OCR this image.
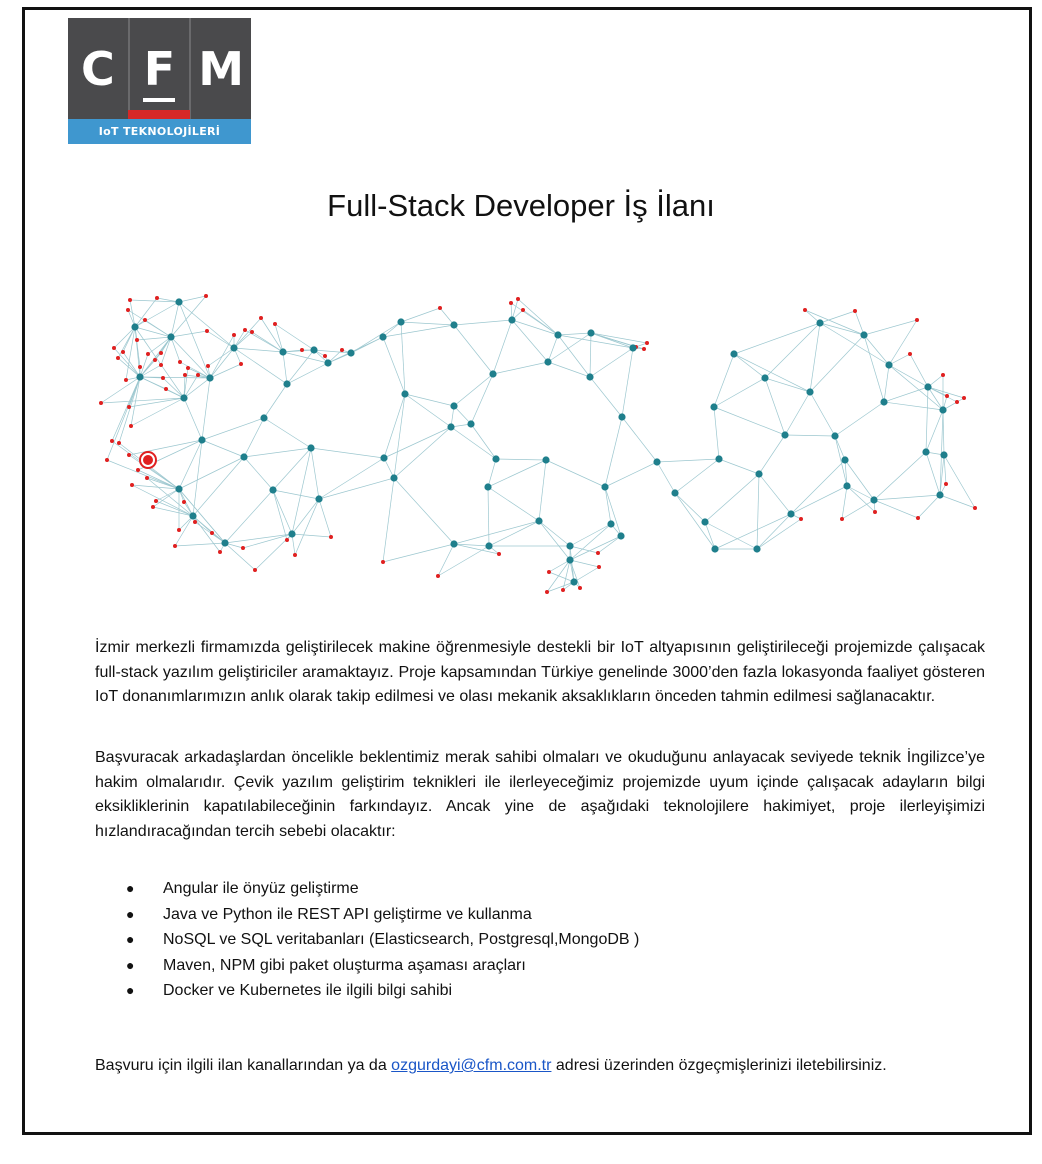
C F M
IoT TEKNOLOJİLERİ
Full-Stack Developer İş İlanı

İzmir merkezli firmamızda geliştirilecek makine öğrenmesiyle destekli bir IoT altyapısının geliştirileceği projemizde çalışacak full-stack yazılım geliştiriciler aramaktayız. Proje kapsamından Türkiye genelinde 3000’den fazla lokasyonda faaliyet gösteren IoT donanımlarımızın anlık olarak takip edilmesi ve olası mekanik aksaklıkların önceden tahmin edilmesi sağlanacaktır.

Başvuracak arkadaşlardan öncelikle beklentimiz merak sahibi olmaları ve okuduğunu anlayacak seviyede teknik İngilizce’ye hakim olmalarıdır. Çevik yazılım geliştirim teknikleri ile ilerleyeceğimiz projemizde uyum içinde çalışacak adayların bilgi eksikliklerinin kapatılabileceğinin farkındayız. Ancak yine de aşağıdaki teknolojilere hakimiyet, proje ilerleyişimizi hızlandıracağından tercih sebebi olacaktır:

● Angular ile önyüz geliştirme
● Java ve Python ile REST API geliştirme ve kullanma
● NoSQL ve SQL veritabanları (Elasticsearch, Postgresql,MongoDB )
● Maven, NPM gibi paket oluşturma aşaması araçları
● Docker ve Kubernetes ile ilgili bilgi sahibi

Başvuru için ilgili ilan kanallarından ya da ozgurdayi@cfm.com.tr adresi üzerinden özgeçmişlerinizi iletebilirsiniz.
